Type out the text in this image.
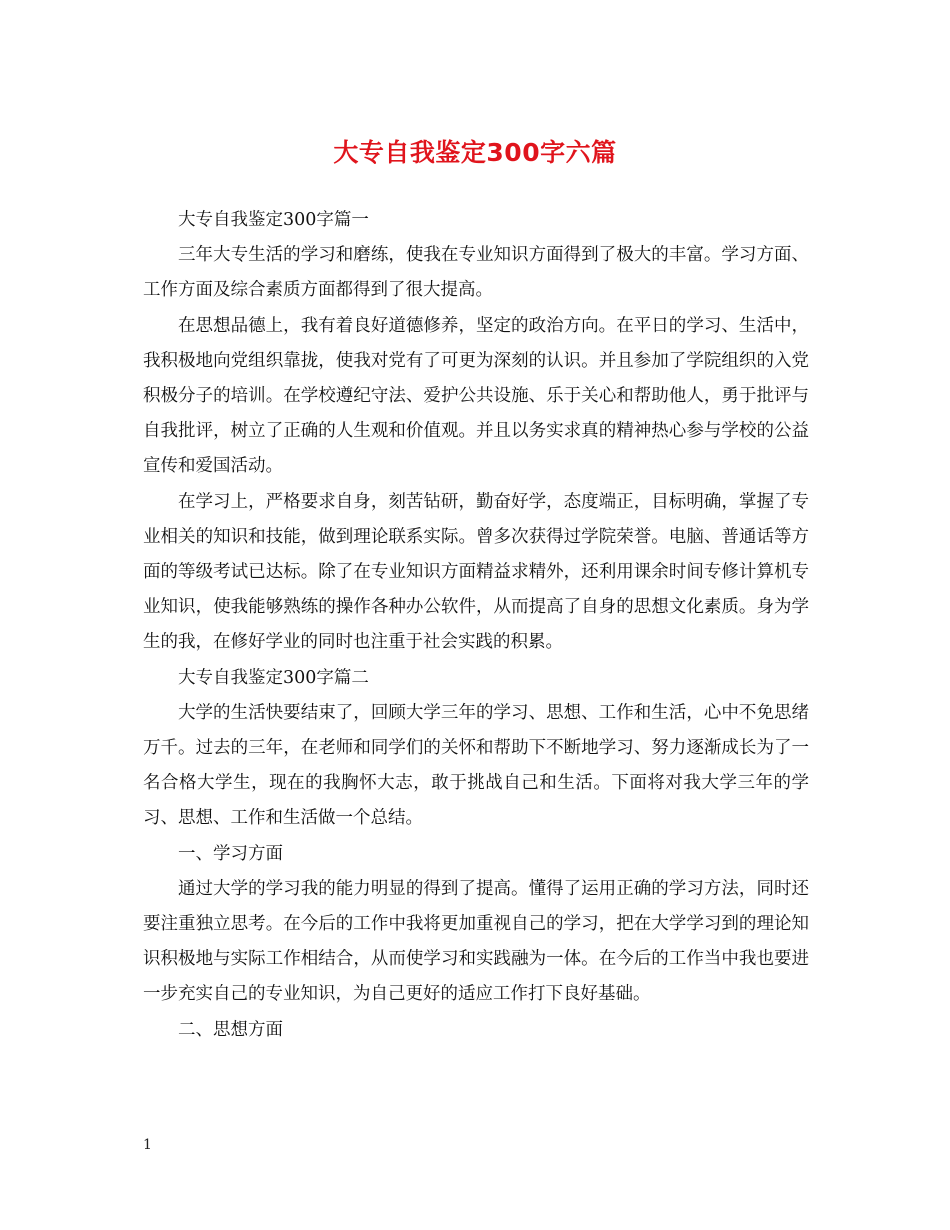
大专自我鉴定300字六篇

大专自我鉴定300字篇一

三年大专生活的学习和磨练，使我在专业知识方面得到了极大的丰富。学习方面、工作方面及综合素质方面都得到了很大提高。

在思想品德上，我有着良好道德修养，坚定的政治方向。在平日的学习、生活中，我积极地向党组织靠拢，使我对党有了可更为深刻的认识。并且参加了学院组织的入党积极分子的培训。在学校遵纪守法、爱护公共设施、乐于关心和帮助他人，勇于批评与自我批评，树立了正确的人生观和价值观。并且以务实求真的精神热心参与学校的公益宣传和爱国活动。

在学习上，严格要求自身，刻苦钻研，勤奋好学，态度端正，目标明确，掌握了专业相关的知识和技能，做到理论联系实际。曾多次获得过学院荣誉。电脑、普通话等方面的等级考试已达标。除了在专业知识方面精益求精外，还利用课余时间专修计算机专业知识，使我能够熟练的操作各种办公软件，从而提高了自身的思想文化素质。身为学生的我，在修好学业的同时也注重于社会实践的积累。

大专自我鉴定300字篇二

大学的生活快要结束了，回顾大学三年的学习、思想、工作和生活，心中不免思绪万千。过去的三年，在老师和同学们的关怀和帮助下不断地学习、努力逐渐成长为了一名合格大学生，现在的我胸怀大志，敢于挑战自己和生活。下面将对我大学三年的学习、思想、工作和生活做一个总结。

一、学习方面

通过大学的学习我的能力明显的得到了提高。懂得了运用正确的学习方法，同时还要注重独立思考。在今后的工作中我将更加重视自己的学习，把在大学学习到的理论知识积极地与实际工作相结合，从而使学习和实践融为一体。在今后的工作当中我也要进一步充实自己的专业知识，为自己更好的适应工作打下良好基础。

二、思想方面

1
